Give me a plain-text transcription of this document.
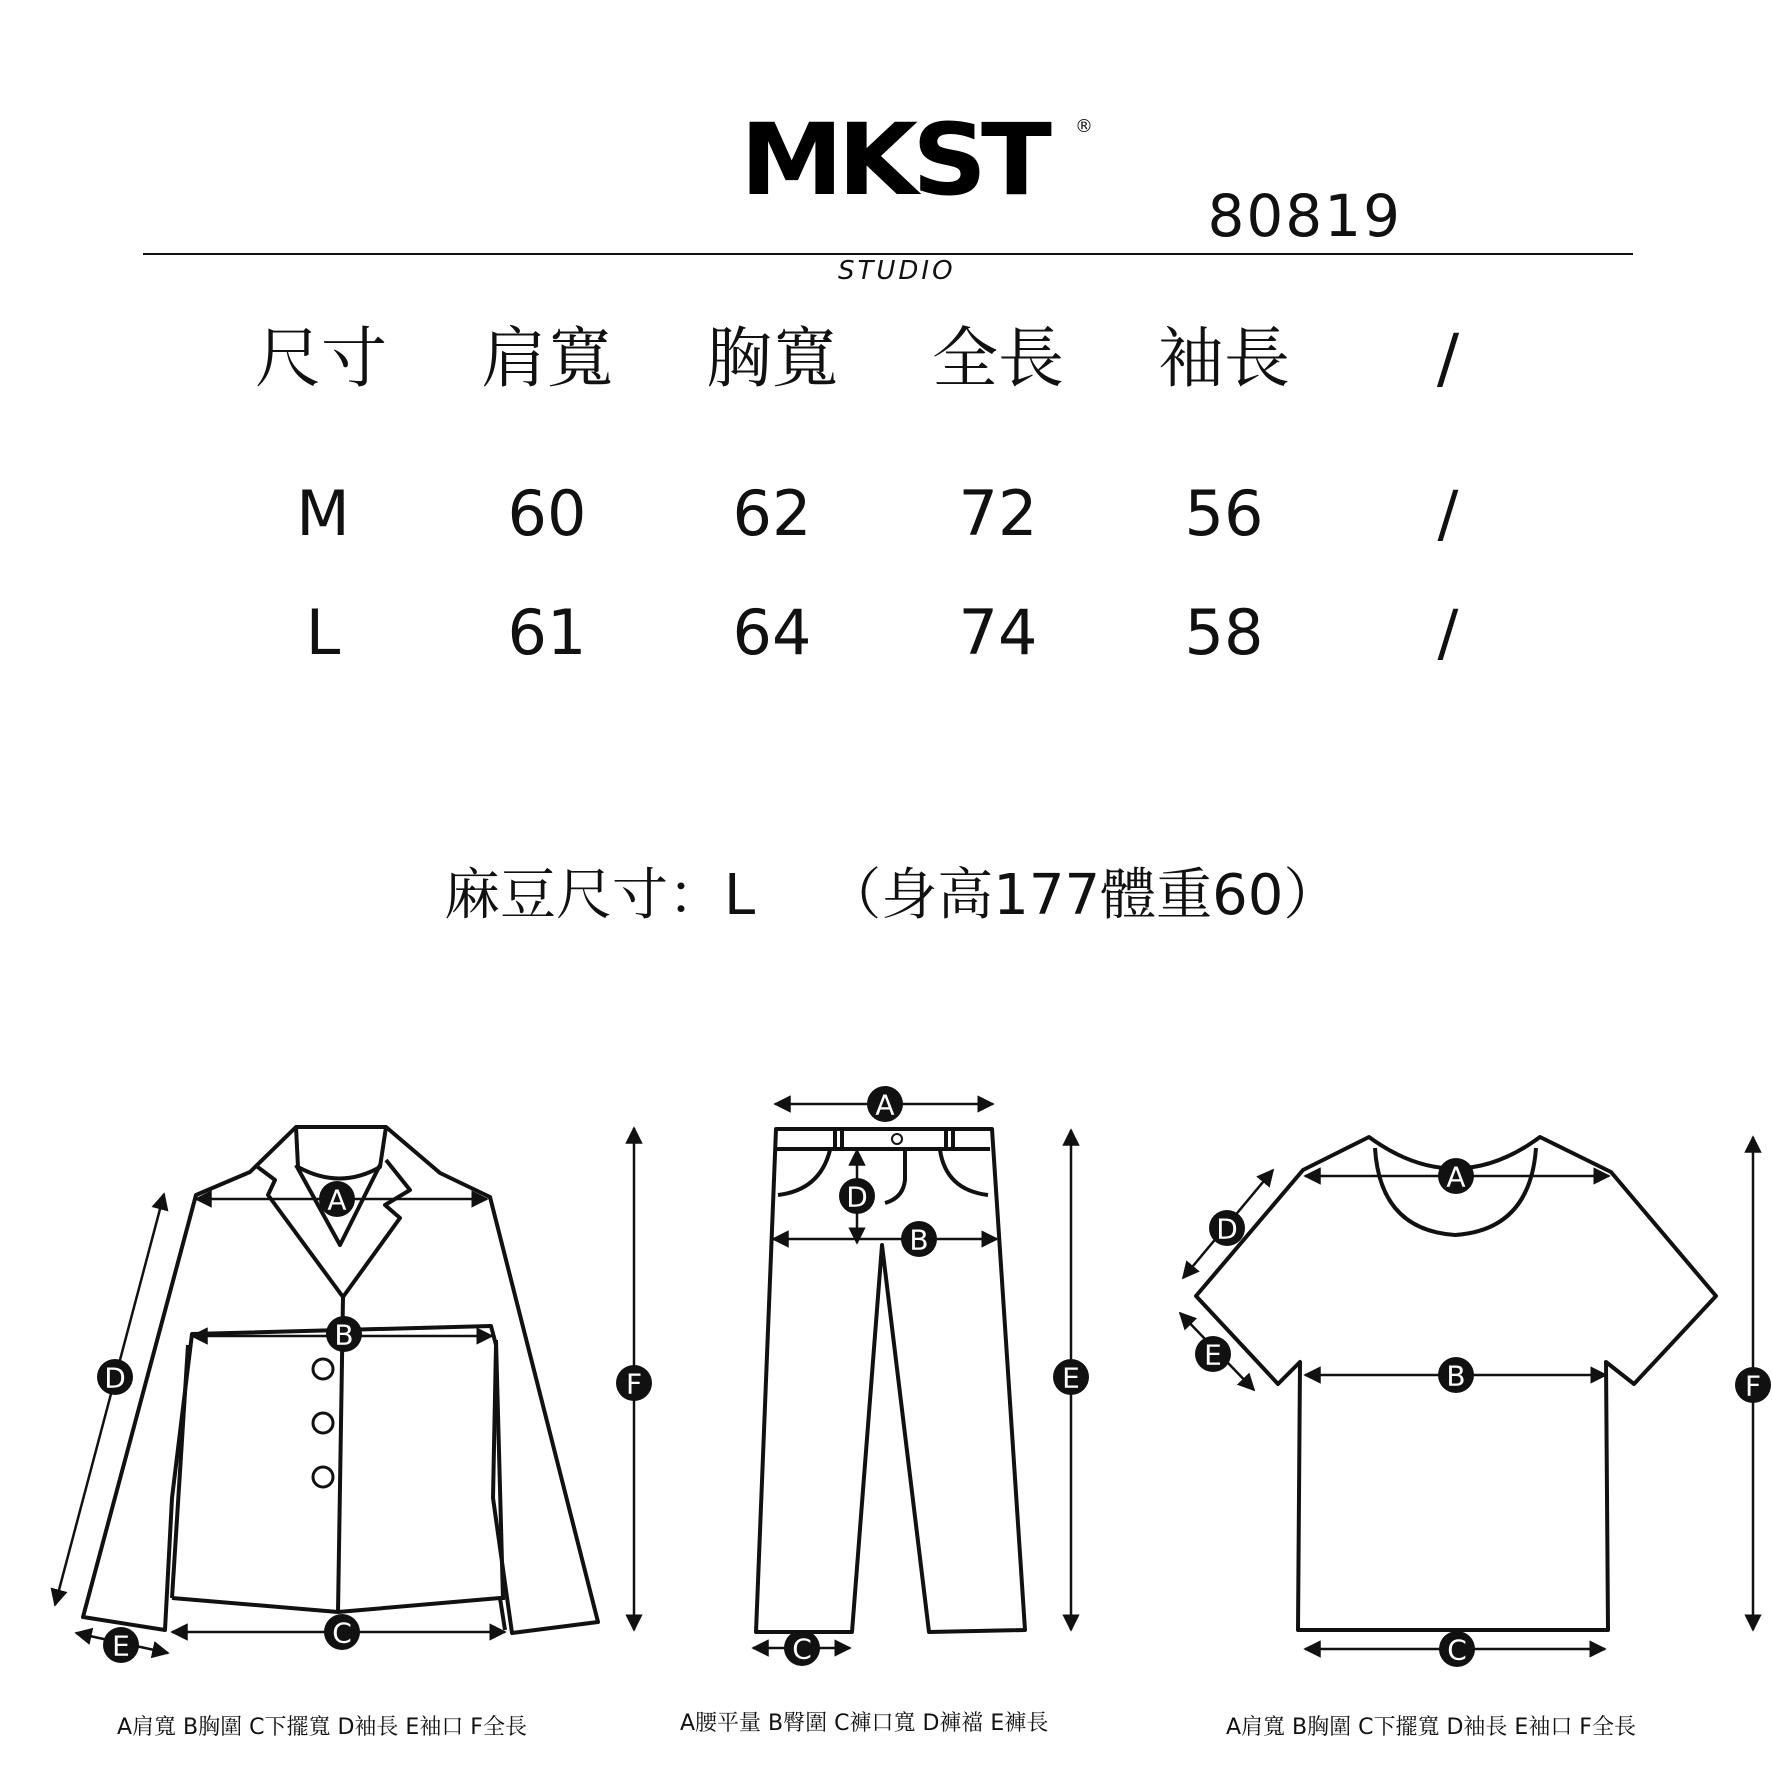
MKST ®
STUDIO
80819
尺寸	肩寬	胸寬	全長	袖長	/
M	60	62	72	56	/
L	61	64	74	58	/
麻豆尺寸：L （身高177體重60）
A
B
C
D
E
F
A
B
C
D
E
A
B
C
D
E
F
A肩寬 B胸圍 C下擺寬 D袖長 E袖口 F全長	A腰平量 B臀圍 C褲口寬 D褲襠 E褲長	A肩寬 B胸圍 C下擺寬 D袖長 E袖口 F全長
